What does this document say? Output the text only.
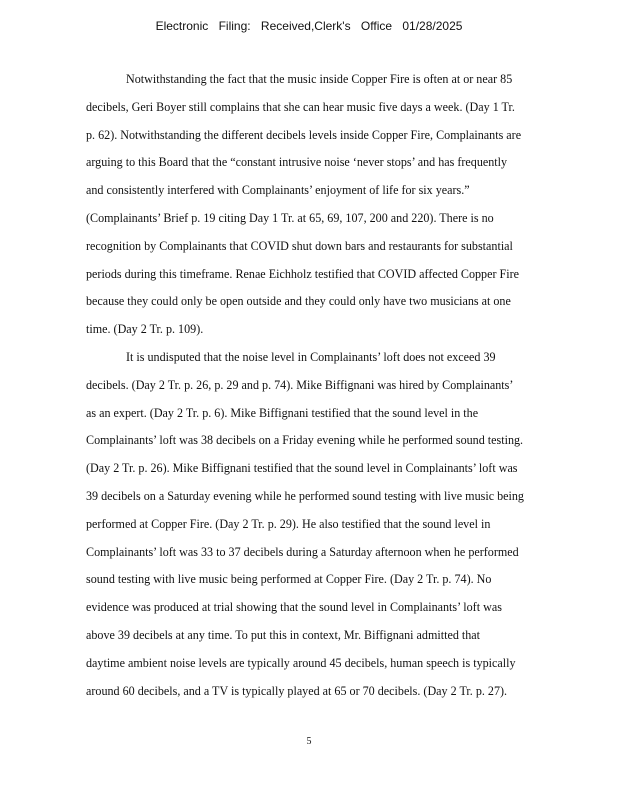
Electronic Filing: Received,Clerk's Office 01/28/2025

Notwithstanding the fact that the music inside Copper Fire is often at or near 85
decibels, Geri Boyer still complains that she can hear music five days a week. (Day 1 Tr.
p. 62). Notwithstanding the different decibels levels inside Copper Fire, Complainants are
arguing to this Board that the “constant intrusive noise ‘never stops’ and has frequently
and consistently interfered with Complainants’ enjoyment of life for six years.”
(Complainants’ Brief p. 19 citing Day 1 Tr. at 65, 69, 107, 200 and 220). There is no
recognition by Complainants that COVID shut down bars and restaurants for substantial
periods during this timeframe. Renae Eichholz testified that COVID affected Copper Fire
because they could only be open outside and they could only have two musicians at one
time. (Day 2 Tr. p. 109).

It is undisputed that the noise level in Complainants’ loft does not exceed 39
decibels. (Day 2 Tr. p. 26, p. 29 and p. 74). Mike Biffignani was hired by Complainants’
as an expert. (Day 2 Tr. p. 6). Mike Biffignani testified that the sound level in the
Complainants’ loft was 38 decibels on a Friday evening while he performed sound testing.
(Day 2 Tr. p. 26). Mike Biffignani testified that the sound level in Complainants’ loft was
39 decibels on a Saturday evening while he performed sound testing with live music being
performed at Copper Fire. (Day 2 Tr. p. 29). He also testified that the sound level in
Complainants’ loft was 33 to 37 decibels during a Saturday afternoon when he performed
sound testing with live music being performed at Copper Fire. (Day 2 Tr. p. 74). No
evidence was produced at trial showing that the sound level in Complainants’ loft was
above 39 decibels at any time. To put this in context, Mr. Biffignani admitted that
daytime ambient noise levels are typically around 45 decibels, human speech is typically
around 60 decibels, and a TV is typically played at 65 or 70 decibels. (Day 2 Tr. p. 27).

5
